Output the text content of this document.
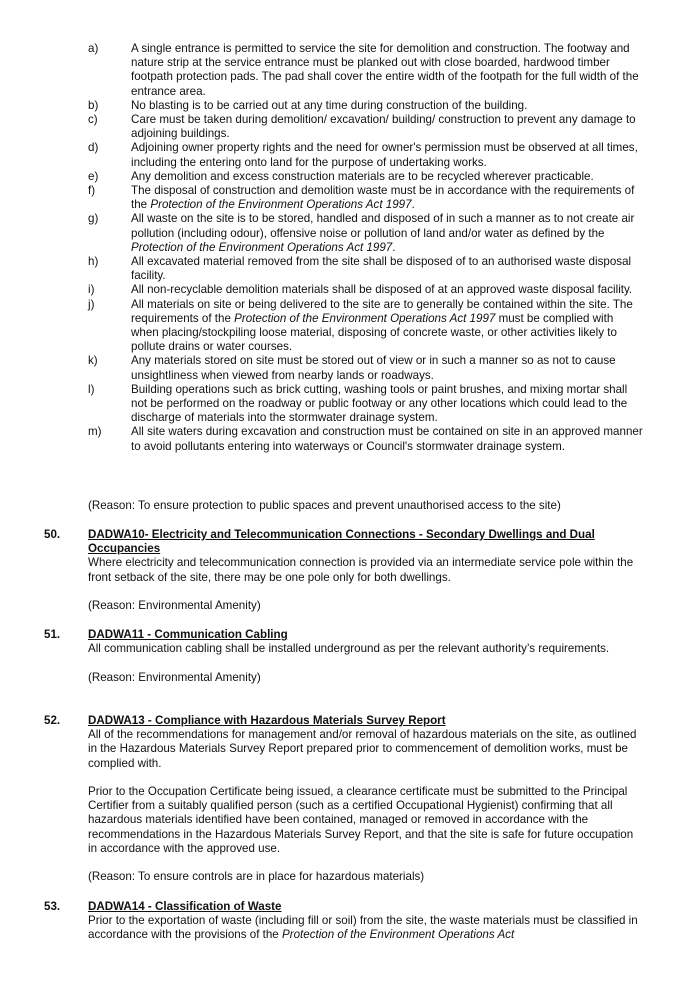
a)	A single entrance is permitted to service the site for demolition and construction. The footway and nature strip at the service entrance must be planked out with close boarded, hardwood timber footpath protection pads. The pad shall cover the entire width of the footpath for the full width of the entrance area.
b)	No blasting is to be carried out at any time during construction of the building.
c)	Care must be taken during demolition/ excavation/ building/ construction to prevent any damage to adjoining buildings.
d)	Adjoining owner property rights and the need for owner's permission must be observed at all times, including the entering onto land for the purpose of undertaking works.
e)	Any demolition and excess construction materials are to be recycled wherever practicable.
f)	The disposal of construction and demolition waste must be in accordance with the requirements of the Protection of the Environment Operations Act 1997.
g)	All waste on the site is to be stored, handled and disposed of in such a manner as to not create air pollution (including odour), offensive noise or pollution of land and/or water as defined by the Protection of the Environment Operations Act 1997.
h)	All excavated material removed from the site shall be disposed of to an authorised waste disposal facility.
i)	All non-recyclable demolition materials shall be disposed of at an approved waste disposal facility.
j)	All materials on site or being delivered to the site are to generally be contained within the site. The requirements of the Protection of the Environment Operations Act 1997 must be complied with when placing/stockpiling loose material, disposing of concrete waste, or other activities likely to pollute drains or water courses.
k)	Any materials stored on site must be stored out of view or in such a manner so as not to cause unsightliness when viewed from nearby lands or roadways.
l)	Building operations such as brick cutting, washing tools or paint brushes, and mixing mortar shall not be performed on the roadway or public footway or any other locations which could lead to the discharge of materials into the stormwater drainage system.
m)	All site waters during excavation and construction must be contained on site in an approved manner to avoid pollutants entering into waterways or Council's stormwater drainage system.
(Reason: To ensure protection to public spaces and prevent unauthorised access to the site)
50. DADWA10- Electricity and Telecommunication Connections - Secondary Dwellings and Dual Occupancies

Where electricity and telecommunication connection is provided via an intermediate service pole within the front setback of the site, there may be one pole only for both dwellings.

(Reason: Environmental Amenity)

51. DADWA11 - Communication Cabling

All communication cabling shall be installed underground as per the relevant authority’s requirements.

(Reason: Environmental Amenity)

52. DADWA13 - Compliance with Hazardous Materials Survey Report

All of the recommendations for management and/or removal of hazardous materials on the site, as outlined in the Hazardous Materials Survey Report prepared prior to commencement of demolition works, must be complied with.

Prior to the Occupation Certificate being issued, a clearance certificate must be submitted to the Principal Certifier from a suitably qualified person (such as a certified Occupational Hygienist) confirming that all hazardous materials identified have been contained, managed or removed in accordance with the recommendations in the Hazardous Materials Survey Report, and that the site is safe for future occupation in accordance with the approved use.

(Reason: To ensure controls are in place for hazardous materials)

53. DADWA14 - Classification of Waste

Prior to the exportation of waste (including fill or soil) from the site, the waste materials must be classified in accordance with the provisions of the Protection of the Environment Operations Act
